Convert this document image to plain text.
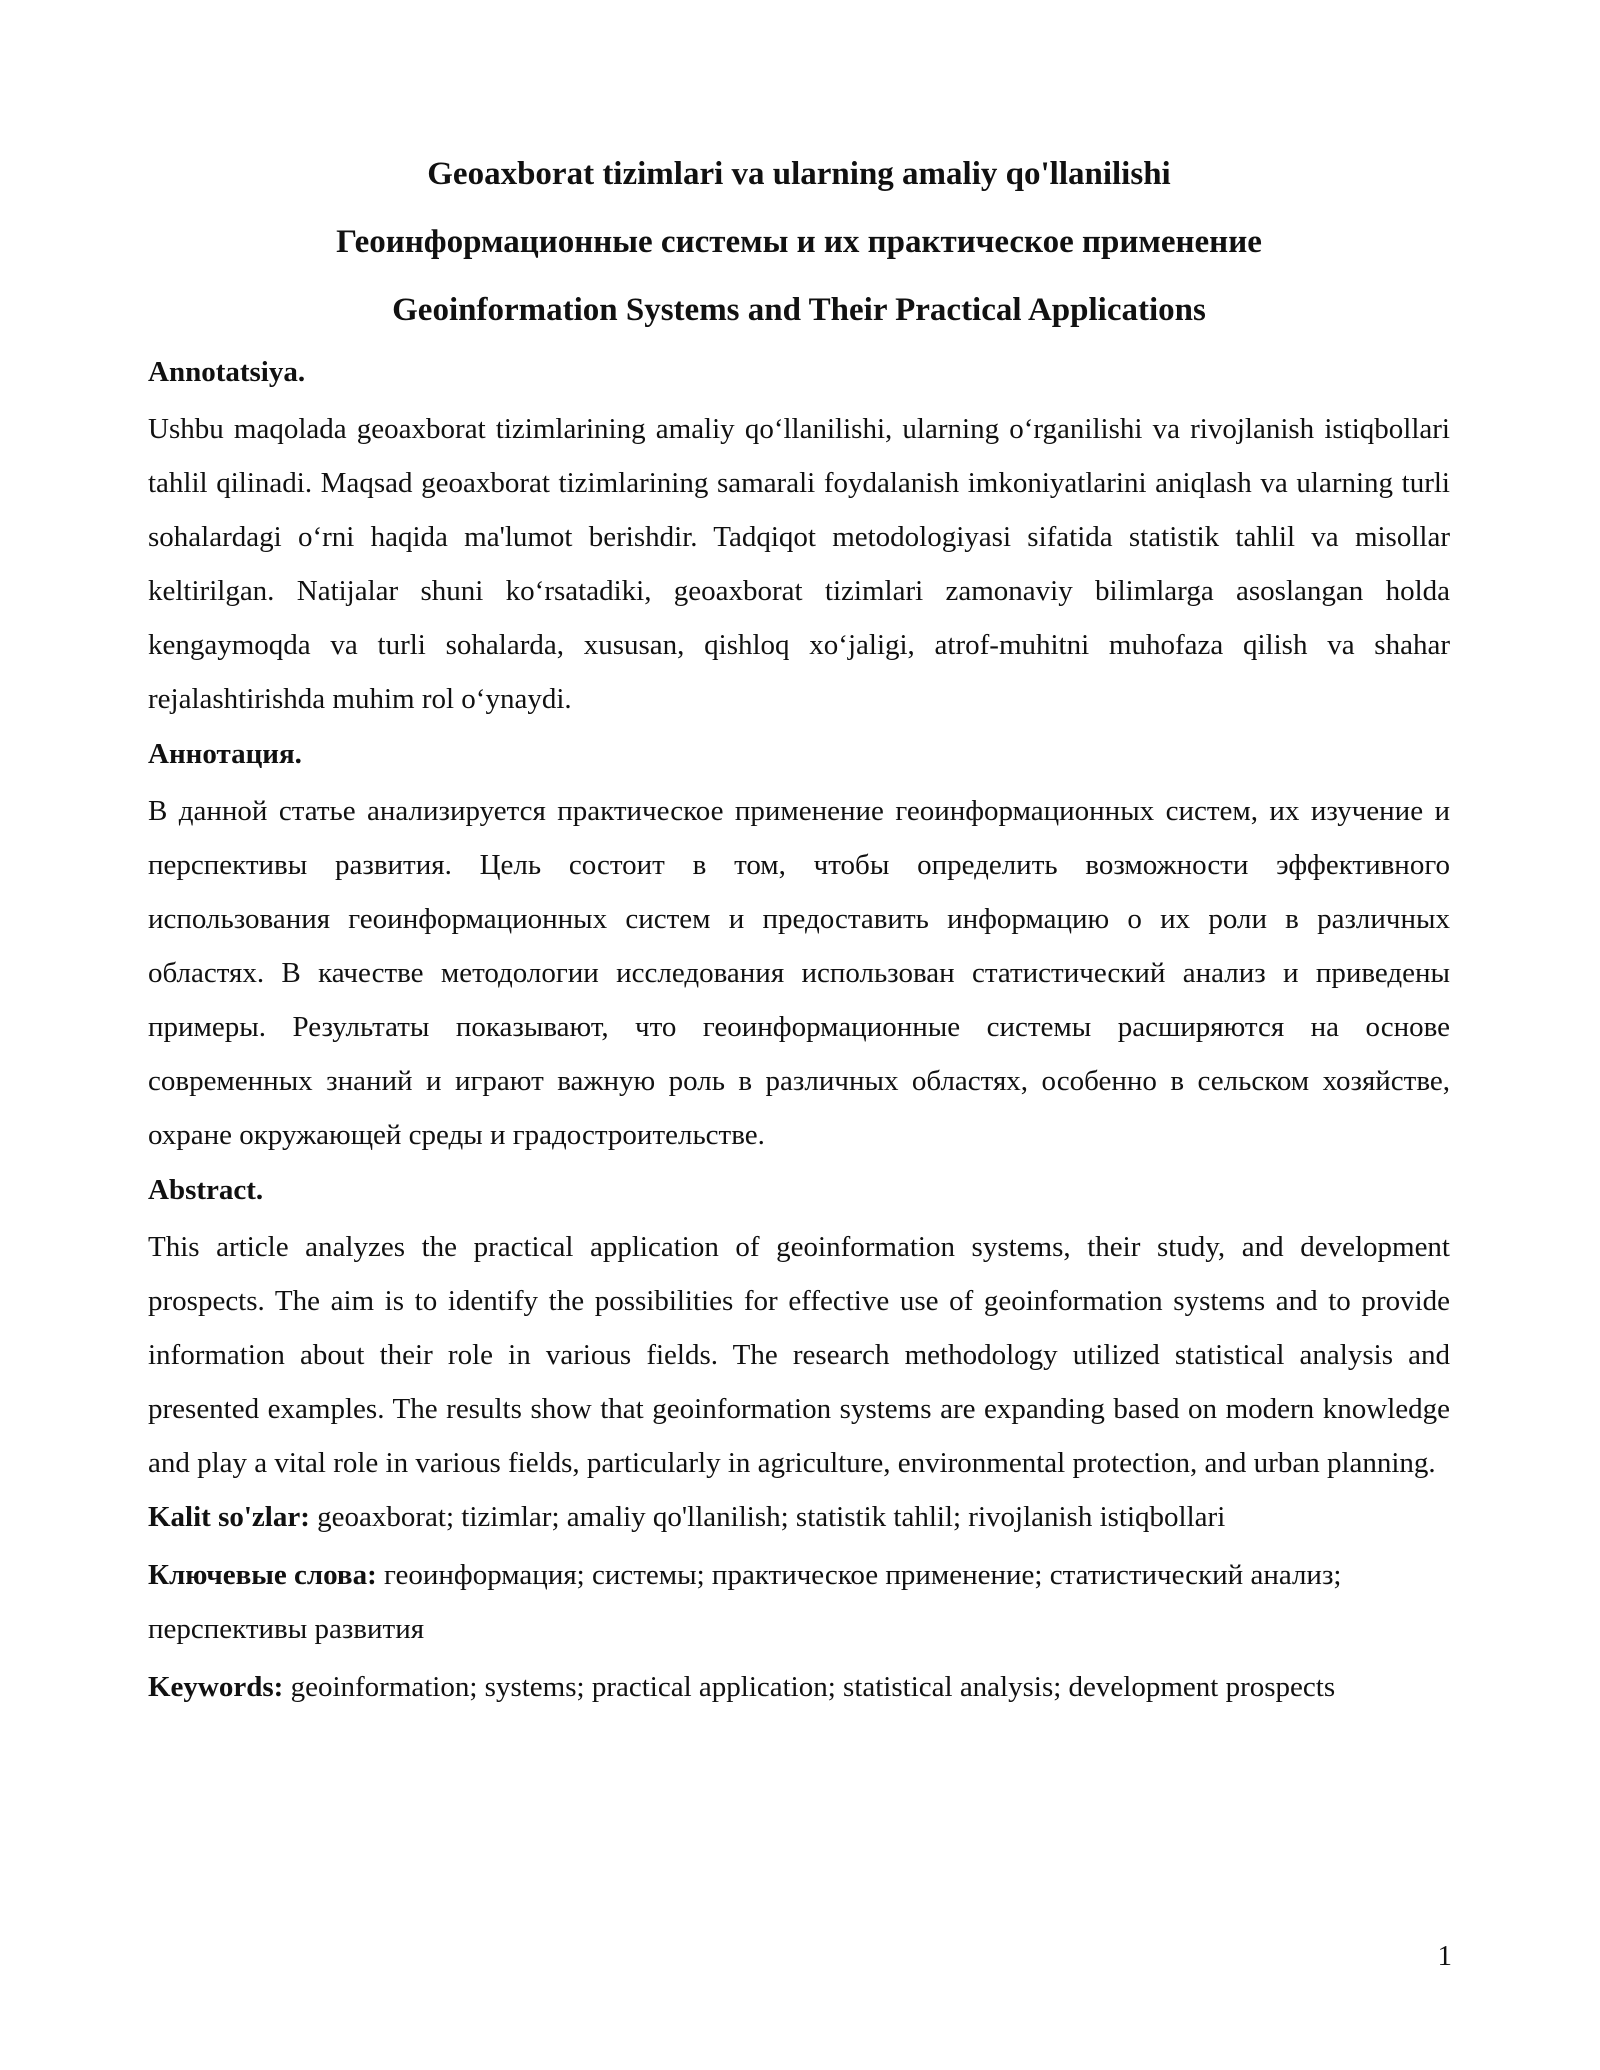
Geoaxborat tizimlari va ularning amaliy qo'llanilishi
Геоинформационные системы и их практическое применение
Geoinformation Systems and Their Practical Applications
Annotatsiya.

Ushbu maqolada geoaxborat tizimlarining amaliy qoʻllanilishi, ularning oʻrganilishi va rivojlanish istiqbollari tahlil qilinadi. Maqsad geoaxborat tizimlarining samarali foydalanish imkoniyatlarini aniqlash va ularning turli sohalardagi oʻrni haqida ma'lumot berishdir. Tadqiqot metodologiyasi sifatida statistik tahlil va misollar keltirilgan. Natijalar shuni koʻrsatadiki, geoaxborat tizimlari zamonaviy bilimlarga asoslangan holda kengaymoqda va turli sohalarda, xususan, qishloq xoʻjaligi, atrof-muhitni muhofaza qilish va shahar rejalashtirishda muhim rol oʻynaydi.

Аннотация.

В данной статье анализируется практическое применение геоинформационных систем, их изучение и перспективы развития. Цель состоит в том, чтобы определить возможности эффективного использования геоинформационных систем и предоставить информацию о их роли в различных областях. В качестве методологии исследования использован статистический анализ и приведены примеры. Результаты показывают, что геоинформационные системы расширяются на основе современных знаний и играют важную роль в различных областях, особенно в сельском хозяйстве, охране окружающей среды и градостроительстве.

Abstract.

This article analyzes the practical application of geoinformation systems, their study, and development prospects. The aim is to identify the possibilities for effective use of geoinformation systems and to provide information about their role in various fields. The research methodology utilized statistical analysis and presented examples. The results show that geoinformation systems are expanding based on modern knowledge and play a vital role in various fields, particularly in agriculture, environmental protection, and urban planning.

Kalit so'zlar: geoaxborat; tizimlar; amaliy qo'llanilish; statistik tahlil; rivojlanish istiqbollari

Ключевые слова: геоинформация; системы; практическое применение; статистический анализ; перспективы развития

Keywords: geoinformation; systems; practical application; statistical analysis; development prospects

1
